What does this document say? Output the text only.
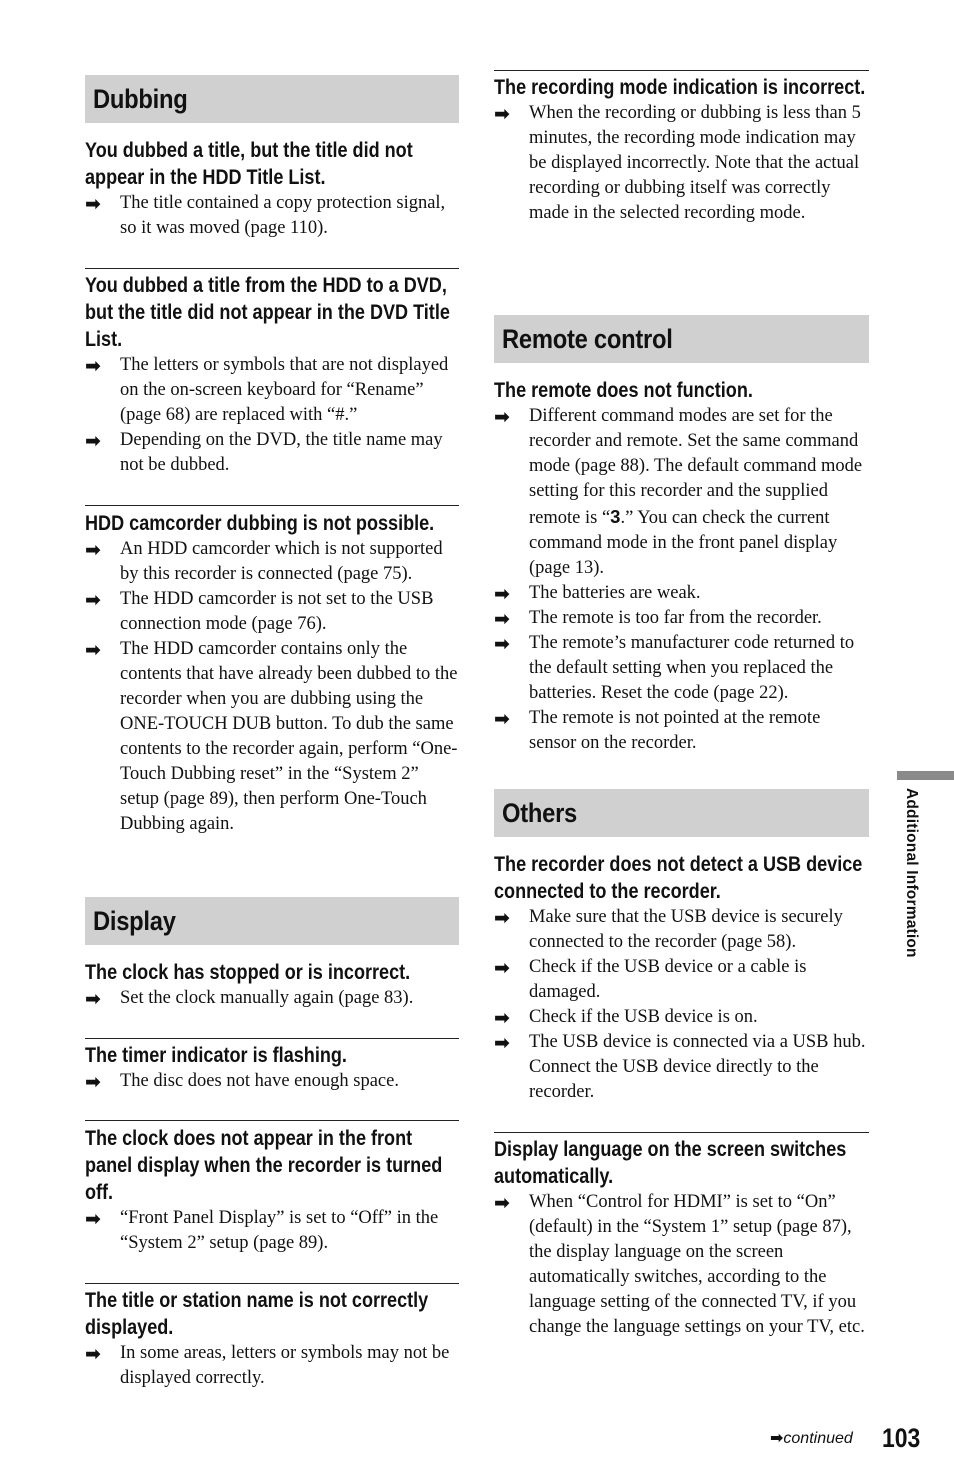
Dubbing

You dubbed a title, but the title did not appear in the HDD Title List.

➡ The title contained a copy protection signal, so it was moved (page 110).

You dubbed a title from the HDD to a DVD, but the title did not appear in the DVD Title List.

➡ The letters or symbols that are not displayed on the on-screen keyboard for “Rename” (page 68) are replaced with “#.”

➡ Depending on the DVD, the title name may not be dubbed.

HDD camcorder dubbing is not possible.

➡ An HDD camcorder which is not supported by this recorder is connected (page 75).

➡ The HDD camcorder is not set to the USB connection mode (page 76).

➡ The HDD camcorder contains only the contents that have already been dubbed to the recorder when you are dubbing using the ONE-TOUCH DUB button. To dub the same contents to the recorder again, perform “One-Touch Dubbing reset” in the “System 2” setup (page 89), then perform One-Touch Dubbing again.

Display

The clock has stopped or is incorrect.

➡ Set the clock manually again (page 83).

The timer indicator is flashing.

➡ The disc does not have enough space.

The clock does not appear in the front panel display when the recorder is turned off.

➡ “Front Panel Display” is set to “Off” in the “System 2” setup (page 89).

The title or station name is not correctly displayed.

➡ In some areas, letters or symbols may not be displayed correctly.

The recording mode indication is incorrect.

➡ When the recording or dubbing is less than 5 minutes, the recording mode indication may be displayed incorrectly. Note that the actual recording or dubbing itself was correctly made in the selected recording mode.

Remote control

The remote does not function.

➡ Different command modes are set for the recorder and remote. Set the same command mode (page 88). The default command mode setting for this recorder and the supplied remote is “3.” You can check the current command mode in the front panel display (page 13).

➡ The batteries are weak.

➡ The remote is too far from the recorder.

➡ The remote’s manufacturer code returned to the default setting when you replaced the batteries. Reset the code (page 22).

➡ The remote is not pointed at the remote sensor on the recorder.

Others

The recorder does not detect a USB device connected to the recorder.

➡ Make sure that the USB device is securely connected to the recorder (page 58).

➡ Check if the USB device or a cable is damaged.

➡ Check if the USB device is on.

➡ The USB device is connected via a USB hub. Connect the USB device directly to the recorder.

Display language on the screen switches automatically.

➡ When “Control for HDMI” is set to “On” (default) in the “System 1” setup (page 87), the display language on the screen automatically switches, according to the language setting of the connected TV, if you change the language settings on your TV, etc.

Additional Information
➡continued 103
